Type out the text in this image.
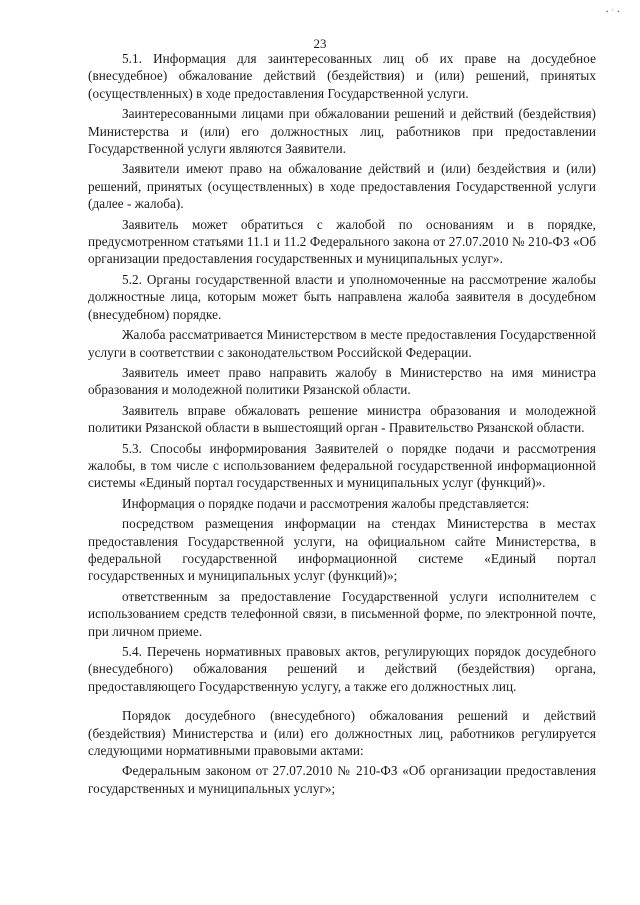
• ' •
23

5.1. Информация для заинтересованных лиц об их праве на досудебное (внесудебное) обжалование действий (бездействия) и (или) решений, принятых (осуществленных) в ходе предоставления Государственной услуги.

Заинтересованными лицами при обжаловании решений и действий (бездействия) Министерства и (или) его должностных лиц, работников при предоставлении Государственной услуги являются Заявители.

Заявители имеют право на обжалование действий и (или) бездействия и (или) решений, принятых (осуществленных) в ходе предоставления Государственной услуги (далее - жалоба).

Заявитель может обратиться с жалобой по основаниям и в порядке, предусмотренном статьями 11.1 и 11.2 Федерального закона от 27.07.2010 № 210-ФЗ «Об организации предоставления государственных и муниципальных услуг».

5.2. Органы государственной власти и уполномоченные на рассмотрение жалобы должностные лица, которым может быть направлена жалоба заявителя в досудебном (внесудебном) порядке.

Жалоба рассматривается Министерством в месте предоставления Государственной услуги в соответствии с законодательством Российской Федерации.

Заявитель имеет право направить жалобу в Министерство на имя министра образования и молодежной политики Рязанской области.

Заявитель вправе обжаловать решение министра образования и молодежной политики Рязанской области в вышестоящий орган - Правительство Рязанской области.

5.3. Способы информирования Заявителей о порядке подачи и рассмотрения жалобы, в том числе с использованием федеральной государственной информационной системы «Единый портал государственных и муниципальных услуг (функций)».

Информация о порядке подачи и рассмотрения жалобы представляется:

посредством размещения информации на стендах Министерства в местах предоставления Государственной услуги, на официальном сайте Министерства, в федеральной государственной информационной системе «Единый портал государственных и муниципальных услуг (функций)»;

ответственным за предоставление Государственной услуги исполнителем с использованием средств телефонной связи, в письменной форме, по электронной почте, при личном приеме.

5.4. Перечень нормативных правовых актов, регулирующих порядок досудебного (внесудебного) обжалования решений и действий (бездействия) органа, предоставляющего Государственную услугу, а также его должностных лиц.

Порядок досудебного (внесудебного) обжалования решений и действий (бездействия) Министерства и (или) его должностных лиц, работников регулируется следующими нормативными правовыми актами:

Федеральным законом от 27.07.2010 № 210-ФЗ «Об организации предоставления государственных и муниципальных услуг»;
